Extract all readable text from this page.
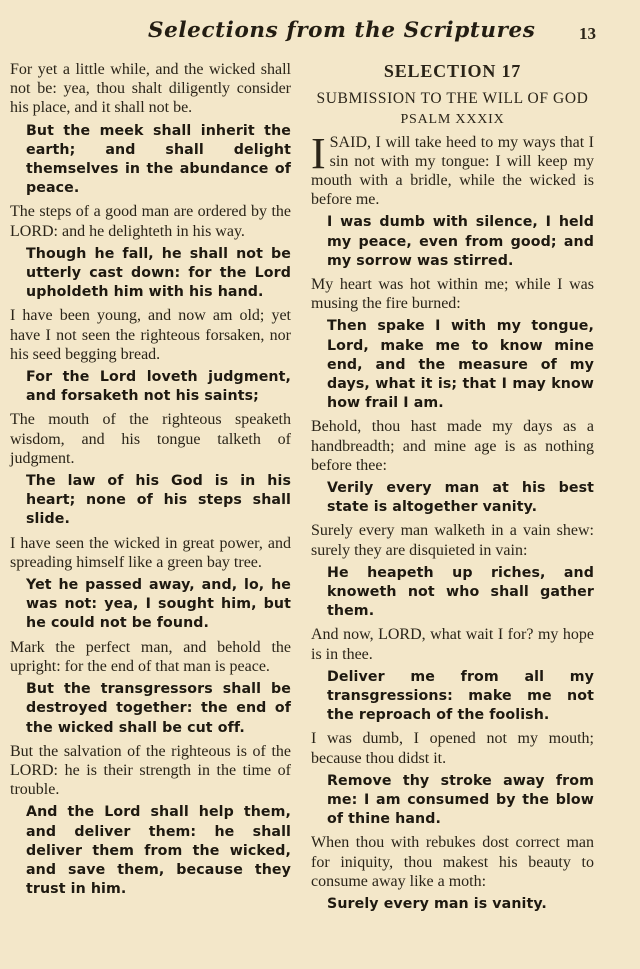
Selections from the Scriptures	13

For yet a little while, and the wicked shall not be: yea, thou shalt diligently consider his place, and it shall not be.

But the meek shall inherit the earth; and shall delight themselves in the abundance of peace.

The steps of a good man are ordered by the LORD: and he delighteth in his way.

Though he fall, he shall not be utterly cast down: for the Lord upholdeth him with his hand.

I have been young, and now am old; yet have I not seen the righteous forsaken, nor his seed begging bread.

For the Lord loveth judgment, and forsaketh not his saints;

The mouth of the righteous speaketh wisdom, and his tongue talketh of judgment.

The law of his God is in his heart; none of his steps shall slide.

I have seen the wicked in great power, and spreading himself like a green bay tree.

Yet he passed away, and, lo, he was not: yea, I sought him, but he could not be found.

Mark the perfect man, and behold the upright: for the end of that man is peace.

But the transgressors shall be destroyed together: the end of the wicked shall be cut off.

But the salvation of the righteous is of the LORD: he is their strength in the time of trouble.

And the Lord shall help them, and deliver them: he shall deliver them from the wicked, and save them, because they trust in him.

SELECTION 17
SUBMISSION TO THE WILL OF GOD
PSALM XXXIX

ISAID, I will take heed to my ways that I sin not with my tongue: I will keep my mouth with a bridle, while the wicked is before me.

I was dumb with silence, I held my peace, even from good; and my sorrow was stirred.

My heart was hot within me; while I was musing the fire burned:

Then spake I with my tongue, Lord, make me to know mine end, and the measure of my days, what it is; that I may know how frail I am.

Behold, thou hast made my days as a handbreadth; and mine age is as nothing before thee:

Verily every man at his best state is altogether vanity.

Surely every man walketh in a vain shew: surely they are disquieted in vain:

He heapeth up riches, and knoweth not who shall gather them.

And now, LORD, what wait I for? my hope is in thee.

Deliver me from all my transgressions: make me not the reproach of the foolish.

I was dumb, I opened not my mouth; because thou didst it.

Remove thy stroke away from me: I am consumed by the blow of thine hand.

When thou with rebukes dost correct man for iniquity, thou makest his beauty to consume away like a moth:

Surely every man is vanity.
